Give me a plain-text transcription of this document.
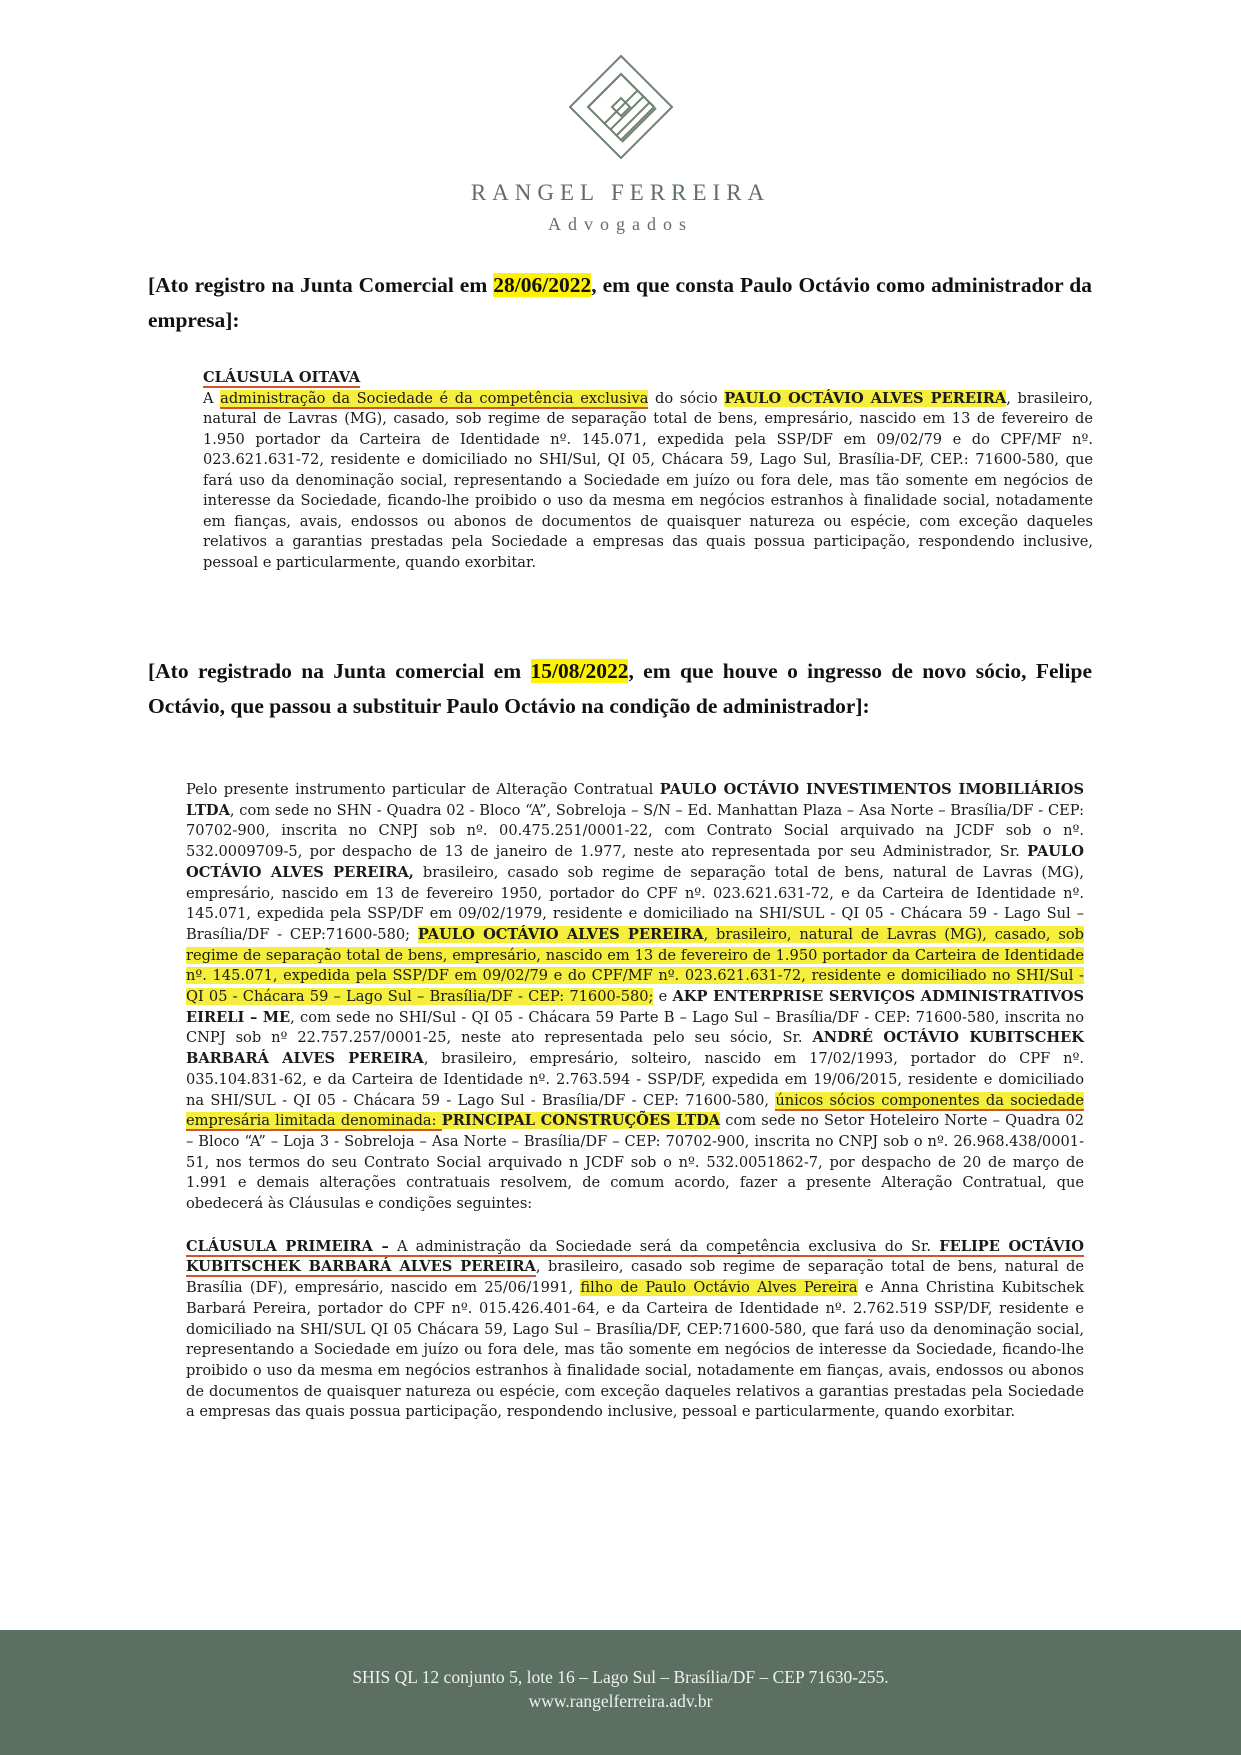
RANGEL FERREIRA
Advogados
[Ato registro na Junta Comercial em 28/06/2022, em que consta Paulo Octávio como administrador da empresa]:
CLÁUSULA OITAVA
A administração da Sociedade é da competência exclusiva do sócio PAULO OCTÁVIO ALVES PEREIRA, brasileiro, natural de Lavras (MG), casado, sob regime de separação total de bens, empresário, nascido em 13 de fevereiro de 1.950 portador da Carteira de Identidade nº. 145.071, expedida pela SSP/DF em 09/02/79 e do CPF/MF nº. 023.621.631-72, residente e domiciliado no SHI/Sul, QI 05, Chácara 59, Lago Sul, Brasília-DF, CEP.: 71600-580, que fará uso da denominação social, representando a Sociedade em juízo ou fora dele, mas tão somente em negócios de interesse da Sociedade, ficando-lhe proibido o uso da mesma em negócios estranhos à finalidade social, notadamente em fianças, avais, endossos ou abonos de documentos de quaisquer natureza ou espécie, com exceção daqueles relativos a garantias prestadas pela Sociedade a empresas das quais possua participação, respondendo inclusive, pessoal e particularmente, quando exorbitar.
[Ato registrado na Junta comercial em 15/08/2022, em que houve o ingresso de novo sócio, Felipe Octávio, que passou a substituir Paulo Octávio na condição de administrador]:
Pelo presente instrumento particular de Alteração Contratual PAULO OCTÁVIO INVESTIMENTOS IMOBILIÁRIOS LTDA, com sede no SHN - Quadra 02 - Bloco “A”, Sobreloja – S/N – Ed. Manhattan Plaza – Asa Norte – Brasília/DF - CEP: 70702-900, inscrita no CNPJ sob nº. 00.475.251/0001-22, com Contrato Social arquivado na JCDF sob o nº. 532.0009709-5, por despacho de 13 de janeiro de 1.977, neste ato representada por seu Administrador, Sr. PAULO OCTÁVIO ALVES PEREIRA, brasileiro, casado sob regime de separação total de bens, natural de Lavras (MG), empresário, nascido em 13 de fevereiro 1950, portador do CPF nº. 023.621.631-72, e da Carteira de Identidade nº. 145.071, expedida pela SSP/DF em 09/02/1979, residente e domiciliado na SHI/SUL - QI 05 - Chácara 59 - Lago Sul – Brasília/DF - CEP:71600-580; PAULO OCTÁVIO ALVES PEREIRA, brasileiro, natural de Lavras (MG), casado, sob regime de separação total de bens, empresário, nascido em 13 de fevereiro de 1.950 portador da Carteira de Identidade nº. 145.071, expedida pela SSP/DF em 09/02/79 e do CPF/MF nº. 023.621.631-72, residente e domiciliado no SHI/Sul - QI 05 - Chácara 59 – Lago Sul – Brasília/DF - CEP: 71600-580; e AKP ENTERPRISE SERVIÇOS ADMINISTRATIVOS EIRELI – ME, com sede no SHI/Sul - QI 05 - Chácara 59 Parte B – Lago Sul – Brasília/DF - CEP: 71600-580, inscrita no CNPJ sob nº 22.757.257/0001-25, neste ato representada pelo seu sócio, Sr. ANDRÉ OCTÁVIO KUBITSCHEK BARBARÁ ALVES PEREIRA, brasileiro, empresário, solteiro, nascido em 17/02/1993, portador do CPF nº. 035.104.831-62, e da Carteira de Identidade nº. 2.763.594 - SSP/DF, expedida em 19/06/2015, residente e domiciliado na SHI/SUL - QI 05 - Chácara 59 - Lago Sul - Brasília/DF - CEP: 71600-580, únicos sócios componentes da sociedade empresária limitada denominada: PRINCIPAL CONSTRUÇÕES LTDA com sede no Setor Hoteleiro Norte – Quadra 02 – Bloco “A” – Loja 3 - Sobreloja – Asa Norte – Brasília/DF – CEP: 70702-900, inscrita no CNPJ sob o nº. 26.968.438/0001-51, nos termos do seu Contrato Social arquivado n JCDF sob o nº. 532.0051862-7, por despacho de 20 de março de 1.991 e demais alterações contratuais resolvem, de comum acordo, fazer a presente Alteração Contratual, que obedecerá às Cláusulas e condições seguintes:
CLÁUSULA PRIMEIRA – A administração da Sociedade será da competência exclusiva do Sr. FELIPE OCTÁVIO KUBITSCHEK BARBARÁ ALVES PEREIRA, brasileiro, casado sob regime de separação total de bens, natural de Brasília (DF), empresário, nascido em 25/06/1991, filho de Paulo Octávio Alves Pereira e Anna Christina Kubitschek Barbará Pereira, portador do CPF nº. 015.426.401-64, e da Carteira de Identidade nº. 2.762.519 SSP/DF, residente e domiciliado na SHI/SUL QI 05 Chácara 59, Lago Sul – Brasília/DF, CEP:71600-580, que fará uso da denominação social, representando a Sociedade em juízo ou fora dele, mas tão somente em negócios de interesse da Sociedade, ficando-lhe proibido o uso da mesma em negócios estranhos à finalidade social, notadamente em fianças, avais, endossos ou abonos de documentos de quaisquer natureza ou espécie, com exceção daqueles relativos a garantias prestadas pela Sociedade a empresas das quais possua participação, respondendo inclusive, pessoal e particularmente, quando exorbitar.
SHIS QL 12 conjunto 5, lote 16 – Lago Sul – Brasília/DF – CEP 71630-255.
www.rangelferreira.adv.br
